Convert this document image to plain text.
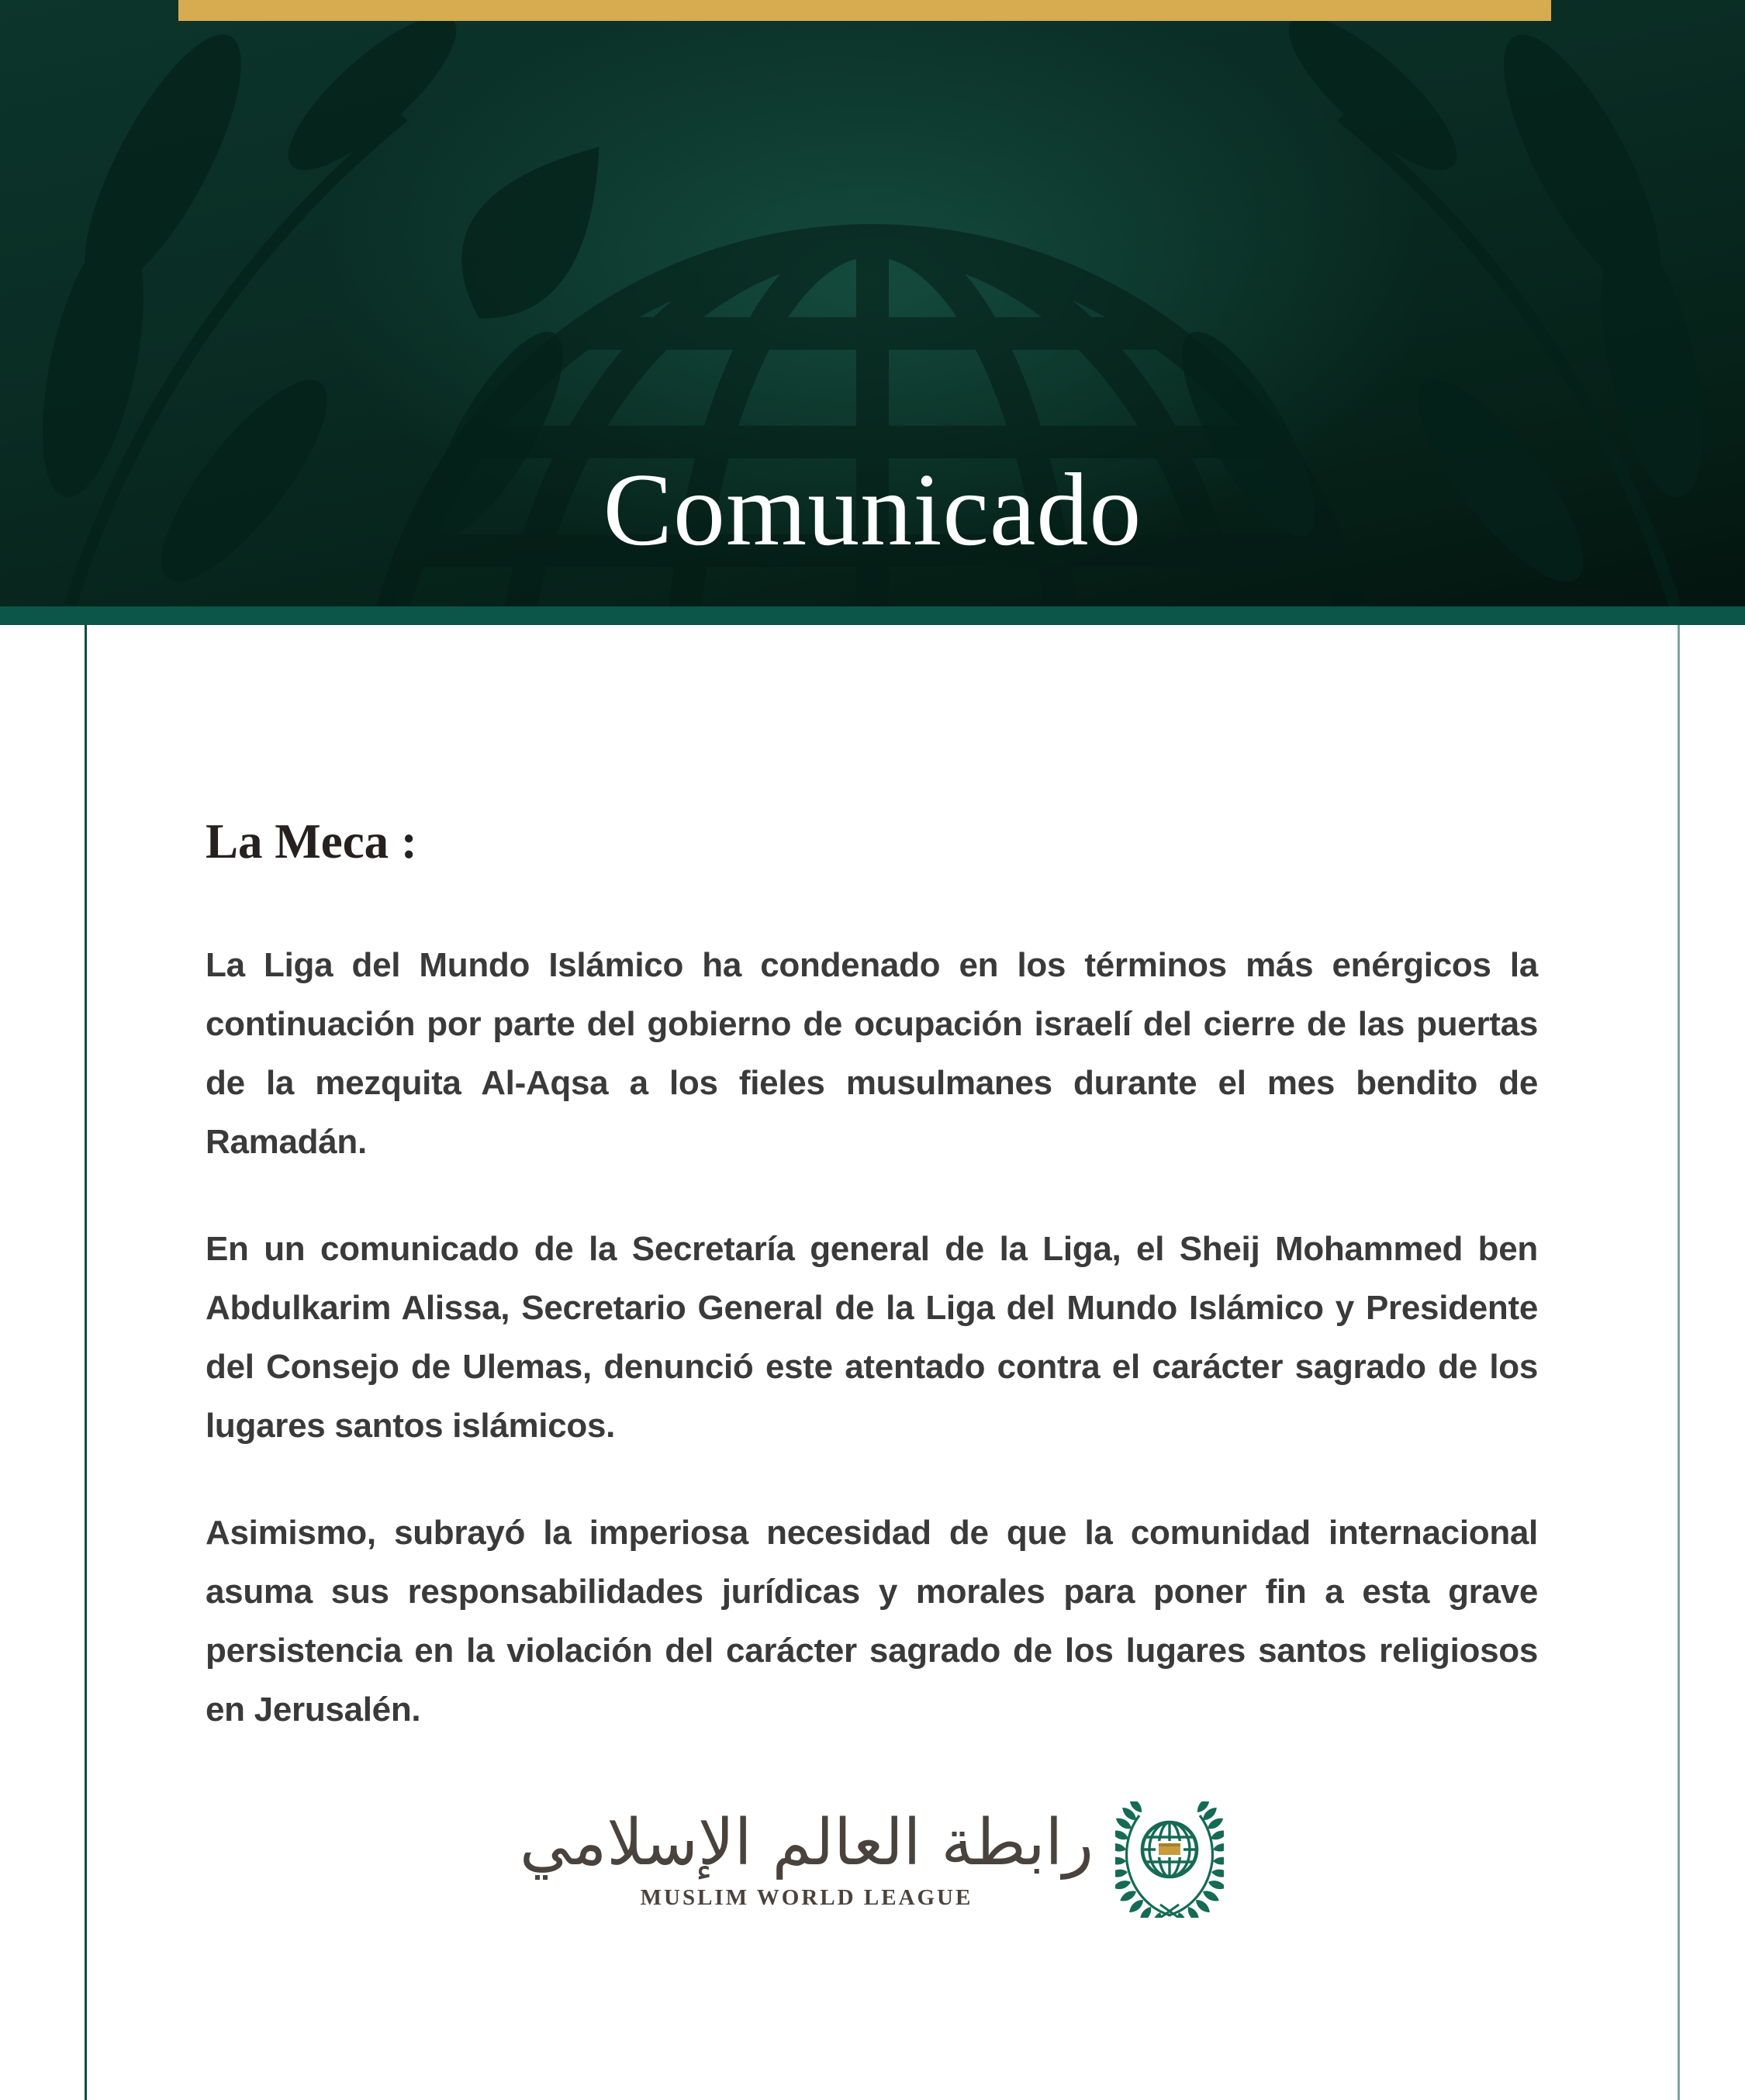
Comunicado
La Meca :

La Liga del Mundo Islámico ha condenado en los términos más enérgicos la continuación por parte del gobierno de ocupación israelí del cierre de las puertas de la mezquita Al-Aqsa a los fieles musulmanes durante el mes bendito de Ramadán.

En un comunicado de la Secretaría general de la Liga, el Sheij Mohammed ben Abdulkarim Alissa, Secretario General de la Liga del Mundo Islámico y Presidente del Consejo de Ulemas, denunció este atentado contra el carácter sagrado de los lugares santos islámicos.

Asimismo, subrayó la imperiosa necesidad de que la comunidad internacional asuma sus responsabilidades jurídicas y morales para poner fin a esta grave persistencia en la violación del carácter sagrado de los lugares santos religiosos en Jerusalén.

رابطة العالم الإسلامي
MUSLIM WORLD LEAGUE
